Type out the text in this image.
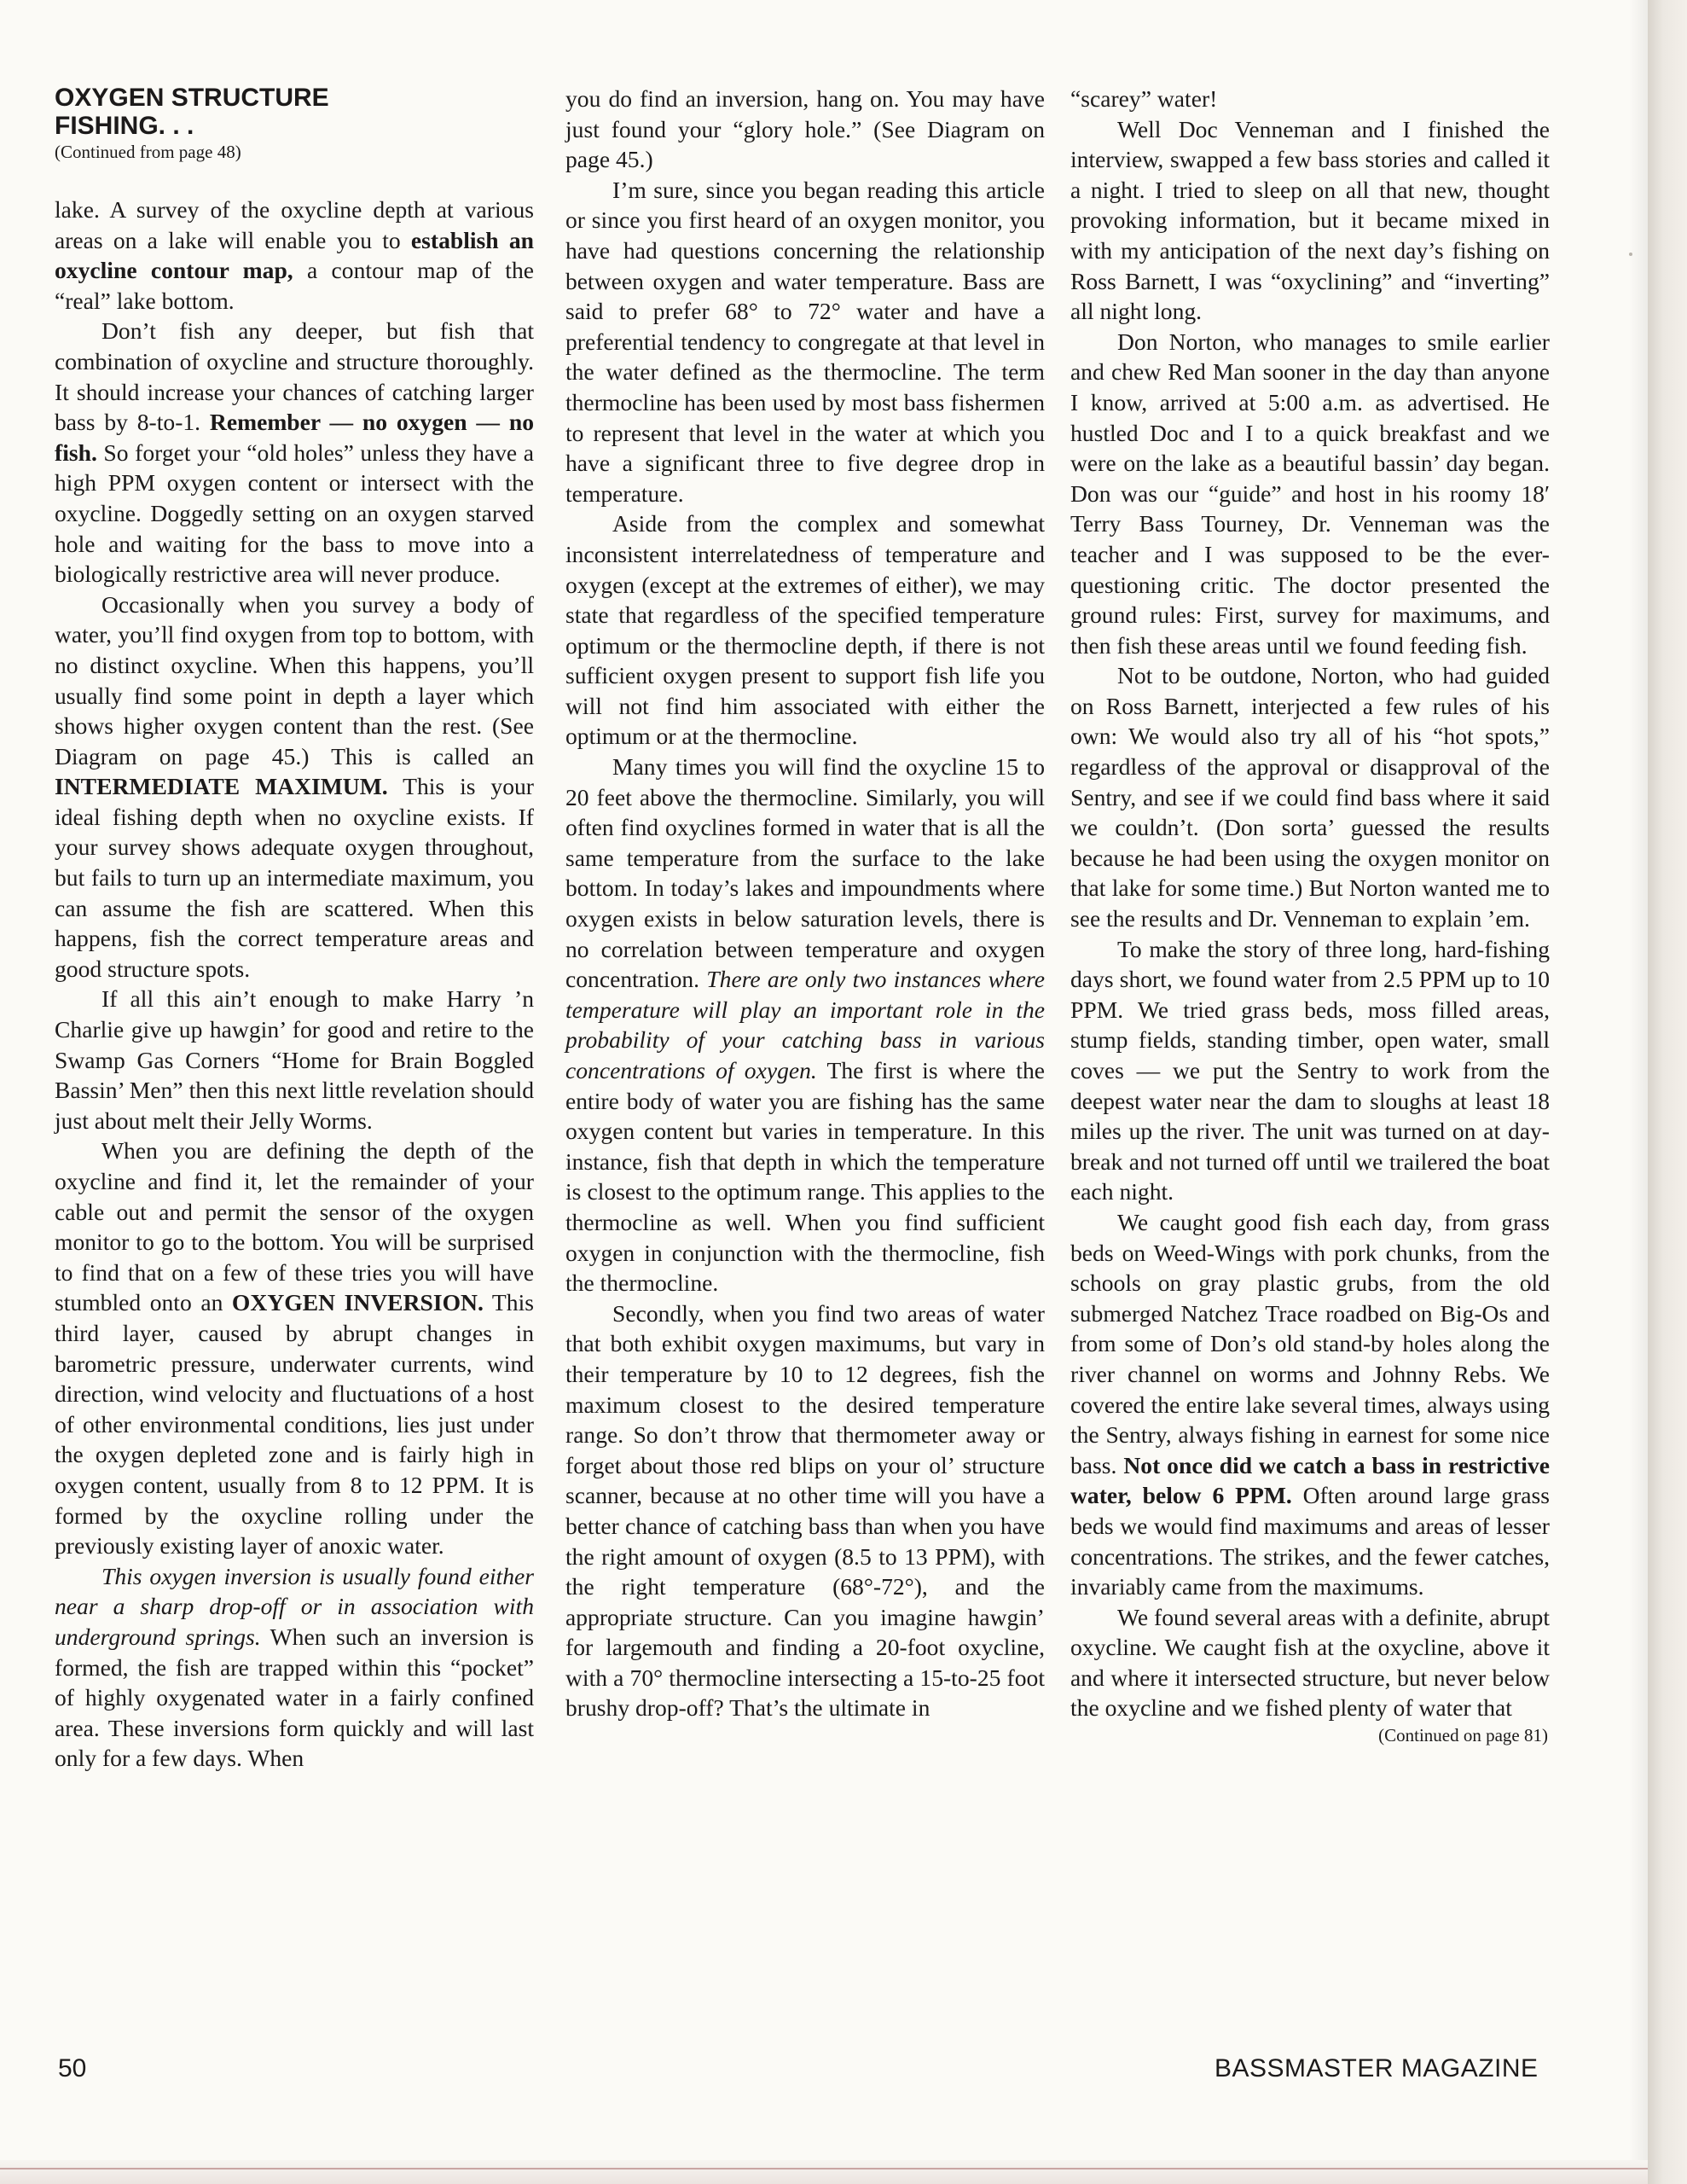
OXYGEN STRUCTURE
FISHING. . .
(Continued from page 48)

lake. A survey of the oxycline depth at various areas on a lake will enable you to establish an oxycline contour map, a contour map of the “real” lake bottom.

Don’t fish any deeper, but fish that combination of oxycline and structure thoroughly. It should increase your chances of catching larger bass by 8-to-1. Remember — no oxygen — no fish. So forget your “old holes” unless they have a high PPM oxygen content or intersect with the oxycline. Doggedly setting on an oxygen starved hole and waiting for the bass to move into a biologically restrictive area will never produce.

Occasionally when you survey a body of water, you’ll find oxygen from top to bottom, with no distinct oxycline. When this happens, you’ll usually find some point in depth a layer which shows higher oxygen content than the rest. (See Diagram on page 45.) This is called an INTERMEDIATE MAXIMUM. This is your ideal fishing depth when no oxycline exists. If your survey shows adequate oxygen throughout, but fails to turn up an intermediate maximum, you can assume the fish are scattered. When this happens, fish the correct temperature areas and good structure spots.

If all this ain’t enough to make Harry ’n Charlie give up hawgin’ for good and retire to the Swamp Gas Corners “Home for Brain Boggled Bassin’ Men” then this next little revelation should just about melt their Jelly Worms.

When you are defining the depth of the oxycline and find it, let the remainder of your cable out and permit the sensor of the oxygen monitor to go to the bottom. You will be surprised to find that on a few of these tries you will have stumbled onto an OXYGEN INVERSION. This third layer, caused by abrupt changes in barometric pressure, underwater currents, wind direction, wind velocity and fluctuations of a host of other environmental conditions, lies just under the oxygen depleted zone and is fairly high in oxygen content, usually from 8 to 12 PPM. It is formed by the oxycline rolling under the previously existing layer of anoxic water.

This oxygen inversion is usually found either near a sharp drop-off or in association with underground springs. When such an inversion is formed, the fish are trapped within this “pocket” of highly oxygenated water in a fairly confined area. These inversions form quickly and will last only for a few days. When

you do find an inversion, hang on. You may have just found your “glory hole.” (See Diagram on page 45.)

I’m sure, since you began reading this article or since you first heard of an oxygen monitor, you have had questions concerning the relationship between oxygen and water temperature. Bass are said to prefer 68° to 72° water and have a preferential tendency to congregate at that level in the water defined as the thermocline. The term thermocline has been used by most bass fishermen to represent that level in the water at which you have a significant three to five degree drop in temperature.

Aside from the complex and somewhat inconsistent interrelatedness of temperature and oxygen (except at the extremes of either), we may state that regardless of the specified temperature optimum or the thermocline depth, if there is not sufficient oxygen present to support fish life you will not find him associated with either the optimum or at the thermocline.

Many times you will find the oxycline 15 to 20 feet above the thermocline. Similarly, you will often find oxyclines formed in water that is all the same temperature from the surface to the lake bottom. In today’s lakes and impoundments where oxygen exists in below saturation levels, there is no correlation between temperature and oxygen concentration. There are only two instances where temperature will play an important role in the probability of your catching bass in various concentrations of oxygen. The first is where the entire body of water you are fishing has the same oxygen content but varies in temperature. In this instance, fish that depth in which the temperature is closest to the optimum range. This applies to the thermocline as well. When you find sufficient oxygen in conjunction with the thermocline, fish the thermocline.

Secondly, when you find two areas of water that both exhibit oxygen maximums, but vary in their temperature by 10 to 12 degrees, fish the maximum closest to the desired temperature range. So don’t throw that thermometer away or forget about those red blips on your ol’ structure scanner, because at no other time will you have a better chance of catching bass than when you have the right amount of oxygen (8.5 to 13 PPM), with the right temperature (68°-72°), and the appropriate structure. Can you imagine hawgin’ for largemouth and finding a 20-foot oxycline, with a 70° thermocline intersecting a 15-to-25 foot brushy drop-off? That’s the ultimate in

“scarey” water!

Well Doc Venneman and I finished the interview, swapped a few bass stories and called it a night. I tried to sleep on all that new, thought provoking information, but it became mixed in with my anticipation of the next day’s fishing on Ross Barnett, I was “oxyclining” and “inverting” all night long.

Don Norton, who manages to smile earlier and chew Red Man sooner in the day than anyone I know, arrived at 5:00 a.m. as advertised. He hustled Doc and I to a quick breakfast and we were on the lake as a beautiful bassin’ day began. Don was our “guide” and host in his roomy 18′ Terry Bass Tourney, Dr. Venneman was the teacher and I was supposed to be the ever-questioning critic. The doctor presented the ground rules: First, survey for maximums, and then fish these areas until we found feeding fish.

Not to be outdone, Norton, who had guided on Ross Barnett, interjected a few rules of his own: We would also try all of his “hot spots,” regardless of the approval or disapproval of the Sentry, and see if we could find bass where it said we couldn’t. (Don sorta’ guessed the results because he had been using the oxygen monitor on that lake for some time.) But Norton wanted me to see the results and Dr. Venneman to explain ’em.

To make the story of three long, hard-fishing days short, we found water from 2.5 PPM up to 10 PPM. We tried grass beds, moss filled areas, stump fields, standing timber, open water, small coves — we put the Sentry to work from the deepest water near the dam to sloughs at least 18 miles up the river. The unit was turned on at day-break and not turned off until we trailered the boat each night.

We caught good fish each day, from grass beds on Weed-Wings with pork chunks, from the schools on gray plastic grubs, from the old submerged Natchez Trace roadbed on Big-Os and from some of Don’s old stand-by holes along the river channel on worms and Johnny Rebs. We covered the entire lake several times, always using the Sentry, always fishing in earnest for some nice bass. Not once did we catch a bass in restrictive water, below 6 PPM. Often around large grass beds we would find maximums and areas of lesser concentrations. The strikes, and the fewer catches, invariably came from the maximums.

We found several areas with a definite, abrupt oxycline. We caught fish at the oxycline, above it and where it intersected structure, but never below the oxycline and we fished plenty of water that

(Continued on page 81)
50	BASSMASTER MAGAZINE
